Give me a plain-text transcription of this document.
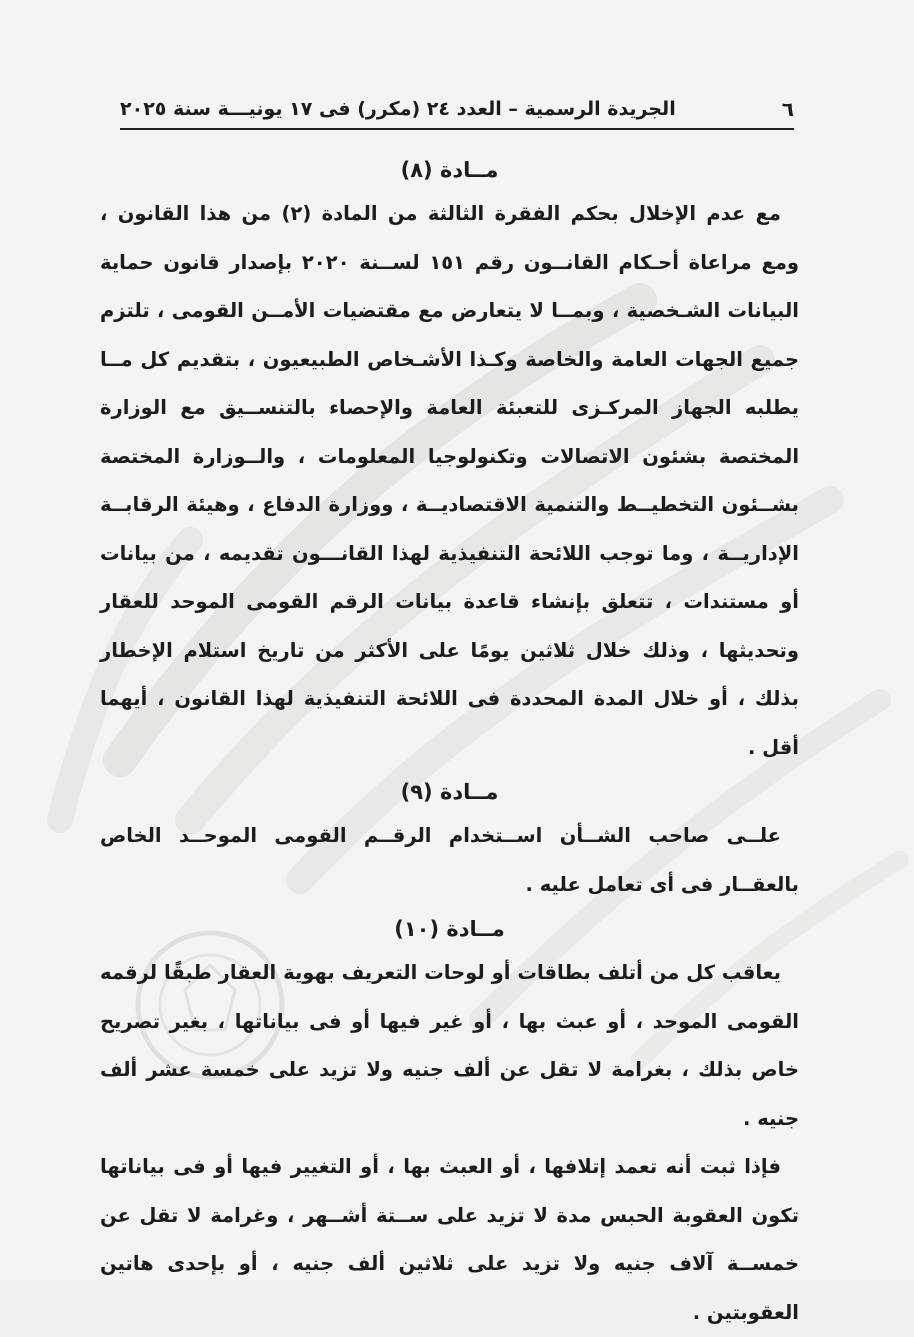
٦
الجريدة الرسمية – العدد ٢٤ (مكرر) فى ١٧ يونيـــة سنة ٢٠٢٥

مــادة (٨)

مع عدم الإخلال بحكم الفقرة الثالثة من المادة (٢) من هذا القانون ، ومع مراعاة أحـكام القانــون رقم ١٥١ لســنة ٢٠٢٠ بإصدار قانون حماية البيانات الشـخصية ، وبمــا لا يتعارض مع مقتضيات الأمــن القومى ، تلتزم جميع الجهات العامة والخاصة وكـذا الأشـخاص الطبيعيون ، بتقديم كل مــا يطلبه الجهاز المركـزى للتعبئة العامة والإحصاء بالتنســيق مع الوزارة المختصة بشئون الاتصالات وتكنولوجيا المعلومات ، والــوزارة المختصة بشــئون التخطيــط والتنمية الاقتصاديــة ، ووزارة الدفاع ، وهيئة الرقابــة الإداريــة ، وما توجب اللائحة التنفيذية لهذا القانـــون تقديمه ، من بيانات أو مستندات ، تتعلق بإنشاء قاعدة بيانات الرقم القومى الموحد للعقار وتحديثها ، وذلك خلال ثلاثين يومًا على الأكثر من تاريخ استلام الإخطار بذلك ، أو خلال المدة المحددة فى اللائحة التنفيذية لهذا القانون ، أيهما أقل .

مــادة (٩)

علــى صاحب الشــأن اســتخدام الرقــم القومى الموحــد الخاص بالعقــار فى أى تعامل عليه .

مــادة (١٠)

يعاقب كل من أتلف بطاقات أو لوحات التعريف بهوية العقار طبقًا لرقمه القومى الموحد ، أو عبث بها ، أو غير فيها أو فى بياناتها ، بغير تصريح خاص بذلك ، بغرامة لا تقل عن ألف جنيه ولا تزيد على خمسة عشر ألف جنيه .

فإذا ثبت أنه تعمد إتلافها ، أو العبث بها ، أو التغيير فيها أو فى بياناتها تكون العقوبة الحبس مدة لا تزيد على ســتة أشــهر ، وغرامة لا تقل عن خمســة آلاف جنيه ولا تزيد على ثلاثين ألف جنيه ، أو بإحدى هاتين العقوبتين .
